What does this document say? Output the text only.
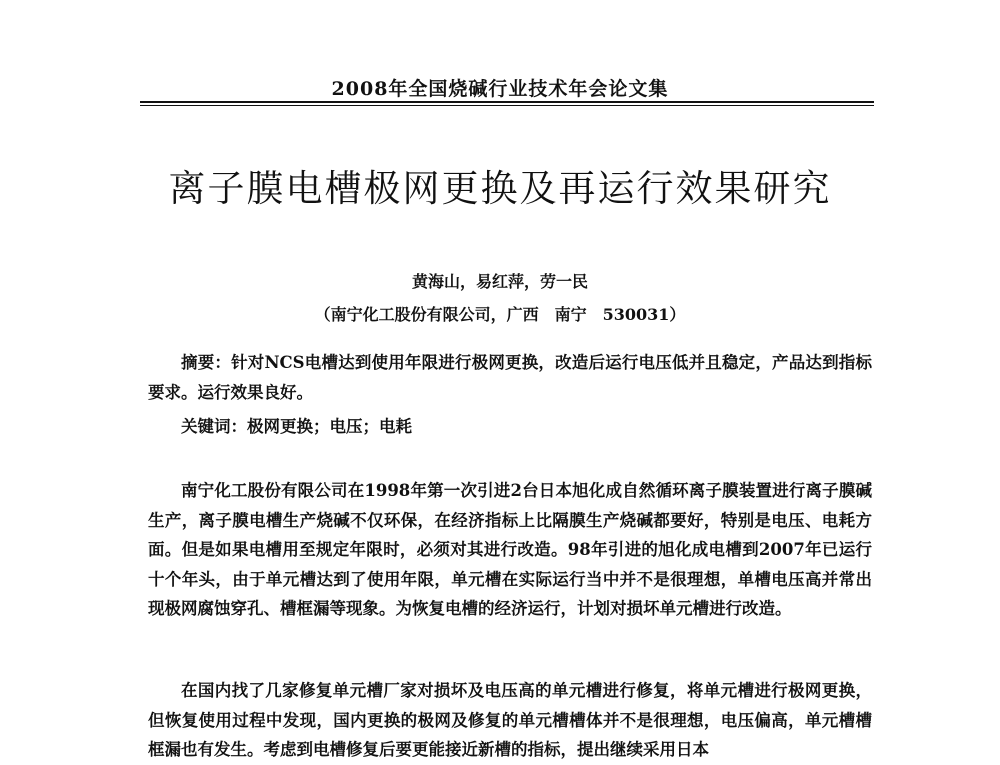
2008年全国烧碱行业技术年会论文集
离子膜电槽极网更换及再运行效果研究
黄海山，易红萍，劳一民
（南宁化工股份有限公司，广西　南宁　530031）
摘要：针对NCS电槽达到使用年限进行极网更换，改造后运行电压低并且稳定，产品达到指标要求。运行效果良好。
关键词：极网更换；电压；电耗
南宁化工股份有限公司在1998年第一次引进2台日本旭化成自然循环离子膜装置进行离子膜碱生产，离子膜电槽生产烧碱不仅环保，在经济指标上比隔膜生产烧碱都要好，特别是电压、电耗方面。但是如果电槽用至规定年限时，必须对其进行改造。98年引进的旭化成电槽到2007年已运行十个年头，由于单元槽达到了使用年限，单元槽在实际运行当中并不是很理想，单槽电压高并常出现极网腐蚀穿孔、槽框漏等现象。为恢复电槽的经济运行，计划对损坏单元槽进行改造。
在国内找了几家修复单元槽厂家对损坏及电压高的单元槽进行修复，将单元槽进行极网更换，但恢复使用过程中发现，国内更换的极网及修复的单元槽槽体并不是很理想，电压偏高，单元槽槽框漏也有发生。考虑到电槽修复后要更能接近新槽的指标，提出继续采用日本
